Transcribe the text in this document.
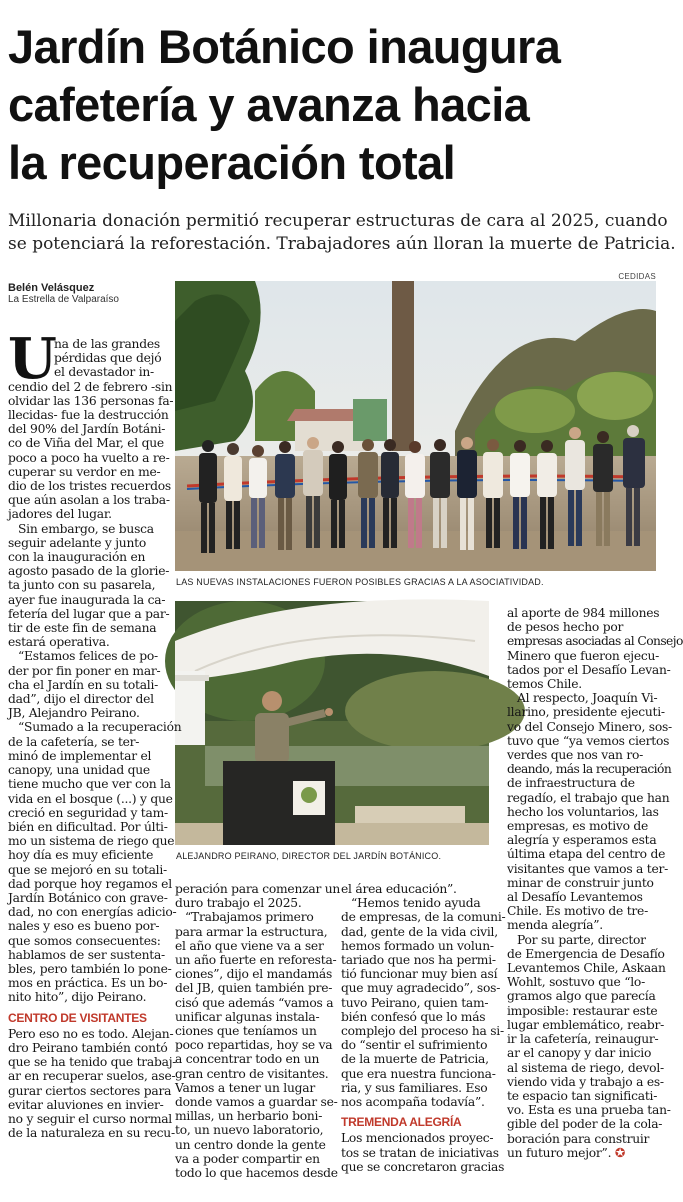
Jardín Botánico inaugura
cafetería y avanza hacia
la recuperación total
Millonaria donación permitió recuperar estructuras de cara al 2025, cuando
se potenciará la reforestación. Trabajadores aún lloran la muerte de Patricia.
Belén Velásquez
La Estrella de Valparaíso
CEDIDAS
LAS NUEVAS INSTALACIONES FUERON POSIBLES GRACIAS A LA ASOCIATIVIDAD.
ALEJANDRO PEIRANO, DIRECTOR DEL JARDÍN BOTÁNICO.
U
na de las grandes
pérdidas que dejó
el devastador in-
cendio del 2 de febrero -sin
olvidar las 136 personas fa-
llecidas- fue la destrucción
del 90% del Jardín Botáni-
co de Viña del Mar, el que
poco a poco ha vuelto a re-
cuperar su verdor en me-
dio de los tristes recuerdos
que aún asolan a los traba-
jadores del lugar.
Sin embargo, se busca
seguir adelante y junto
con la inauguración en
agosto pasado de la glorie-
ta junto con su pasarela,
ayer fue inaugurada la ca-
fetería del lugar que a par-
tir de este fin de semana
estará operativa.
“Estamos felices de po-
der por fin poner en mar-
cha el Jardín en su totali-
dad”, dijo el director del
JB, Alejandro Peirano.
“Sumado a la recuperación
de la cafetería, se ter-
minó de implementar el
canopy, una unidad que
tiene mucho que ver con la
vida en el bosque (...) y que
creció en seguridad y tam-
bién en dificultad. Por últi-
mo un sistema de riego que
hoy día es muy eficiente
que se mejoró en su totali-
dad porque hoy regamos el
Jardín Botánico con grave-
dad, no con energías adicio-
nales y eso es bueno por-
que somos consecuentes:
hablamos de ser sustenta-
bles, pero también lo pone-
mos en práctica. Es un bo-
nito hito”, dijo Peirano.
CENTRO DE VISITANTES
Pero eso no es todo. Alejan-
dro Peirano también contó
que se ha tenido que trabaj-
ar en recuperar suelos, ase-
gurar ciertos sectores para
evitar aluviones en invier-
no y seguir el curso normal
de la naturaleza en su recu-
peración para comenzar un
duro trabajo el 2025.
“Trabajamos primero
para armar la estructura,
el año que viene va a ser
un año fuerte en reforesta-
ciones”, dijo el mandamás
del JB, quien también pre-
cisó que además “vamos a
unificar algunas instala-
ciones que teníamos un
poco repartidas, hoy se va
a concentrar todo en un
gran centro de visitantes.
Vamos a tener un lugar
donde vamos a guardar se-
millas, un herbario boni-
to, un nuevo laboratorio,
un centro donde la gente
va a poder compartir en
todo lo que hacemos desde
el área educación”.
“Hemos tenido ayuda
de empresas, de la comuni-
dad, gente de la vida civil,
hemos formado un volun-
tariado que nos ha permi-
tió funcionar muy bien así
que muy agradecido”, sos-
tuvo Peirano, quien tam-
bién confesó que lo más
complejo del proceso ha si-
do “sentir el sufrimiento
de la muerte de Patricia,
que era nuestra funciona-
ria, y sus familiares. Eso
nos acompaña todavía”.
TREMENDA ALEGRÍA
Los mencionados proyec-
tos se tratan de iniciativas
que se concretaron gracias
al aporte de 984 millones
de pesos hecho por
empresas asociadas al Consejo
Minero que fueron ejecu-
tados por el Desafío Levan-
temos Chile.
Al respecto, Joaquín Vi-
llarino, presidente ejecuti-
vo del Consejo Minero, sos-
tuvo que “ya vemos ciertos
verdes que nos van ro-
deando, más la recuperación
de infraestructura de
regadío, el trabajo que han
hecho los voluntarios, las
empresas, es motivo de
alegría y esperamos esta
última etapa del centro de
visitantes que vamos a ter-
minar de construir junto
al Desafío Levantemos
Chile. Es motivo de tre-
menda alegría”.
Por su parte, director
de Emergencia de Desafío
Levantemos Chile, Askaan
Wohlt, sostuvo que “lo-
gramos algo que parecía
imposible: restaurar este
lugar emblemático, reabr-
ir la cafetería, reinaugur-
ar el canopy y dar inicio
al sistema de riego, devol-
viendo vida y trabajo a es-
te espacio tan significati-
vo. Esta es una prueba tan-
gible del poder de la cola-
boración para construir
un futuro mejor”. ✪
